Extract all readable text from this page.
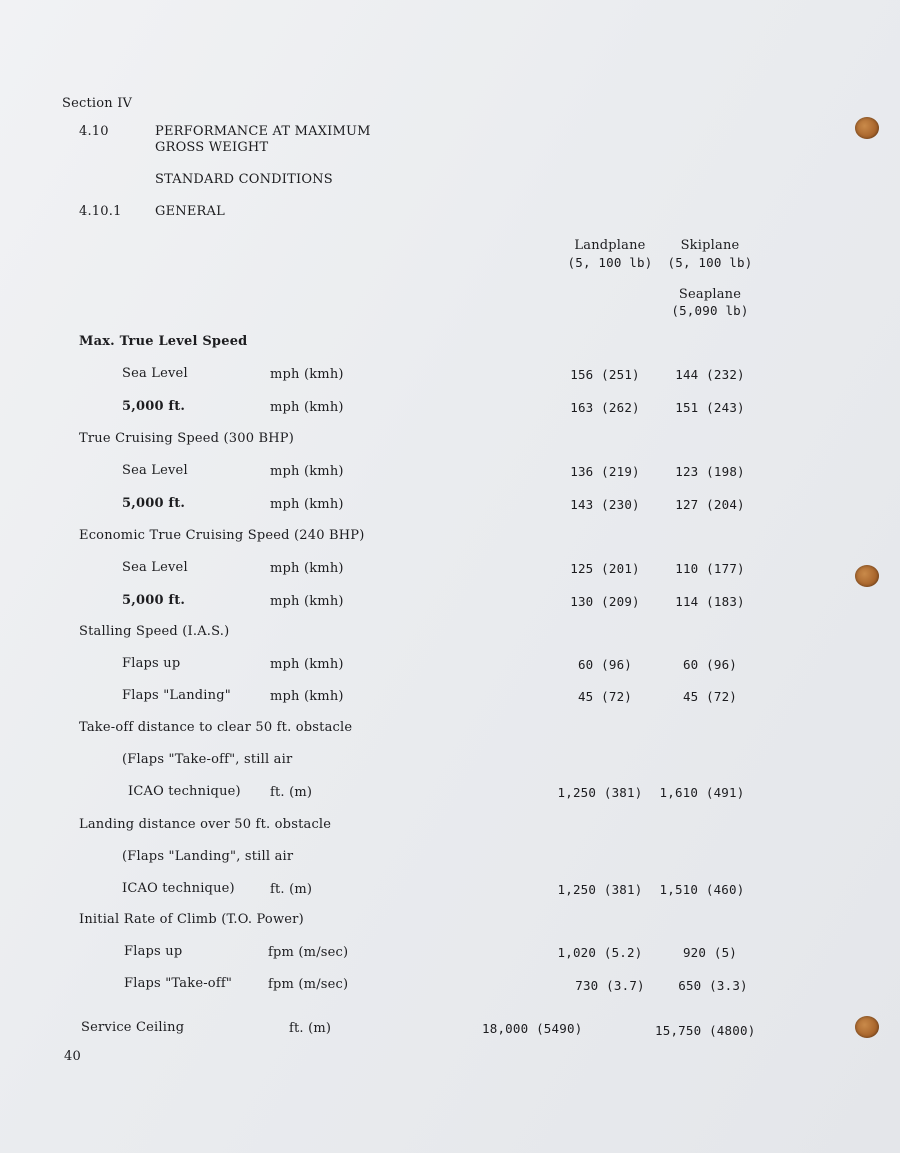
Section IV
4.10	PERFORMANCE AT MAXIMUM
GROSS WEIGHT
STANDARD CONDITIONS
4.10.1	GENERAL
Landplane
(5, 100 lb)
Skiplane
(5, 100 lb)
Seaplane
(5,090 lb)
Max. True Level Speed
Sea Level	mph (kmh)	156 (251)	144 (232)
5,000 ft.	mph (kmh)	163 (262)	151 (243)
True Cruising Speed (300 BHP)
Sea Level	mph (kmh)	136 (219)	123 (198)
5,000 ft.	mph (kmh)	143 (230)	127 (204)
Economic True Cruising Speed (240 BHP)
Sea Level	mph (kmh)	125 (201)	110 (177)
5,000 ft.	mph (kmh)	130 (209)	114 (183)
Stalling Speed (I.A.S.)
Flaps up	mph (kmh)	60 (96)	60 (96)
Flaps "Landing"	mph (kmh)	45 (72)	45 (72)
Take-off distance to clear 50 ft. obstacle
(Flaps "Take-off", still air
ICAO technique) ft. (m)	1,250 (381)	1,610 (491)
Landing distance over 50 ft. obstacle
(Flaps "Landing", still air
ICAO technique)	ft. (m)	1,250 (381)	1,510 (460)
Initial Rate of Climb (T.O. Power)
Flaps up	fpm (m/sec)	1,020 (5.2)	920 (5)
Flaps "Take-off"	fpm (m/sec)	730 (3.7)	650 (3.3)
Service Ceiling	ft. (m)	18,000 (5490)	15,750 (4800)
40
